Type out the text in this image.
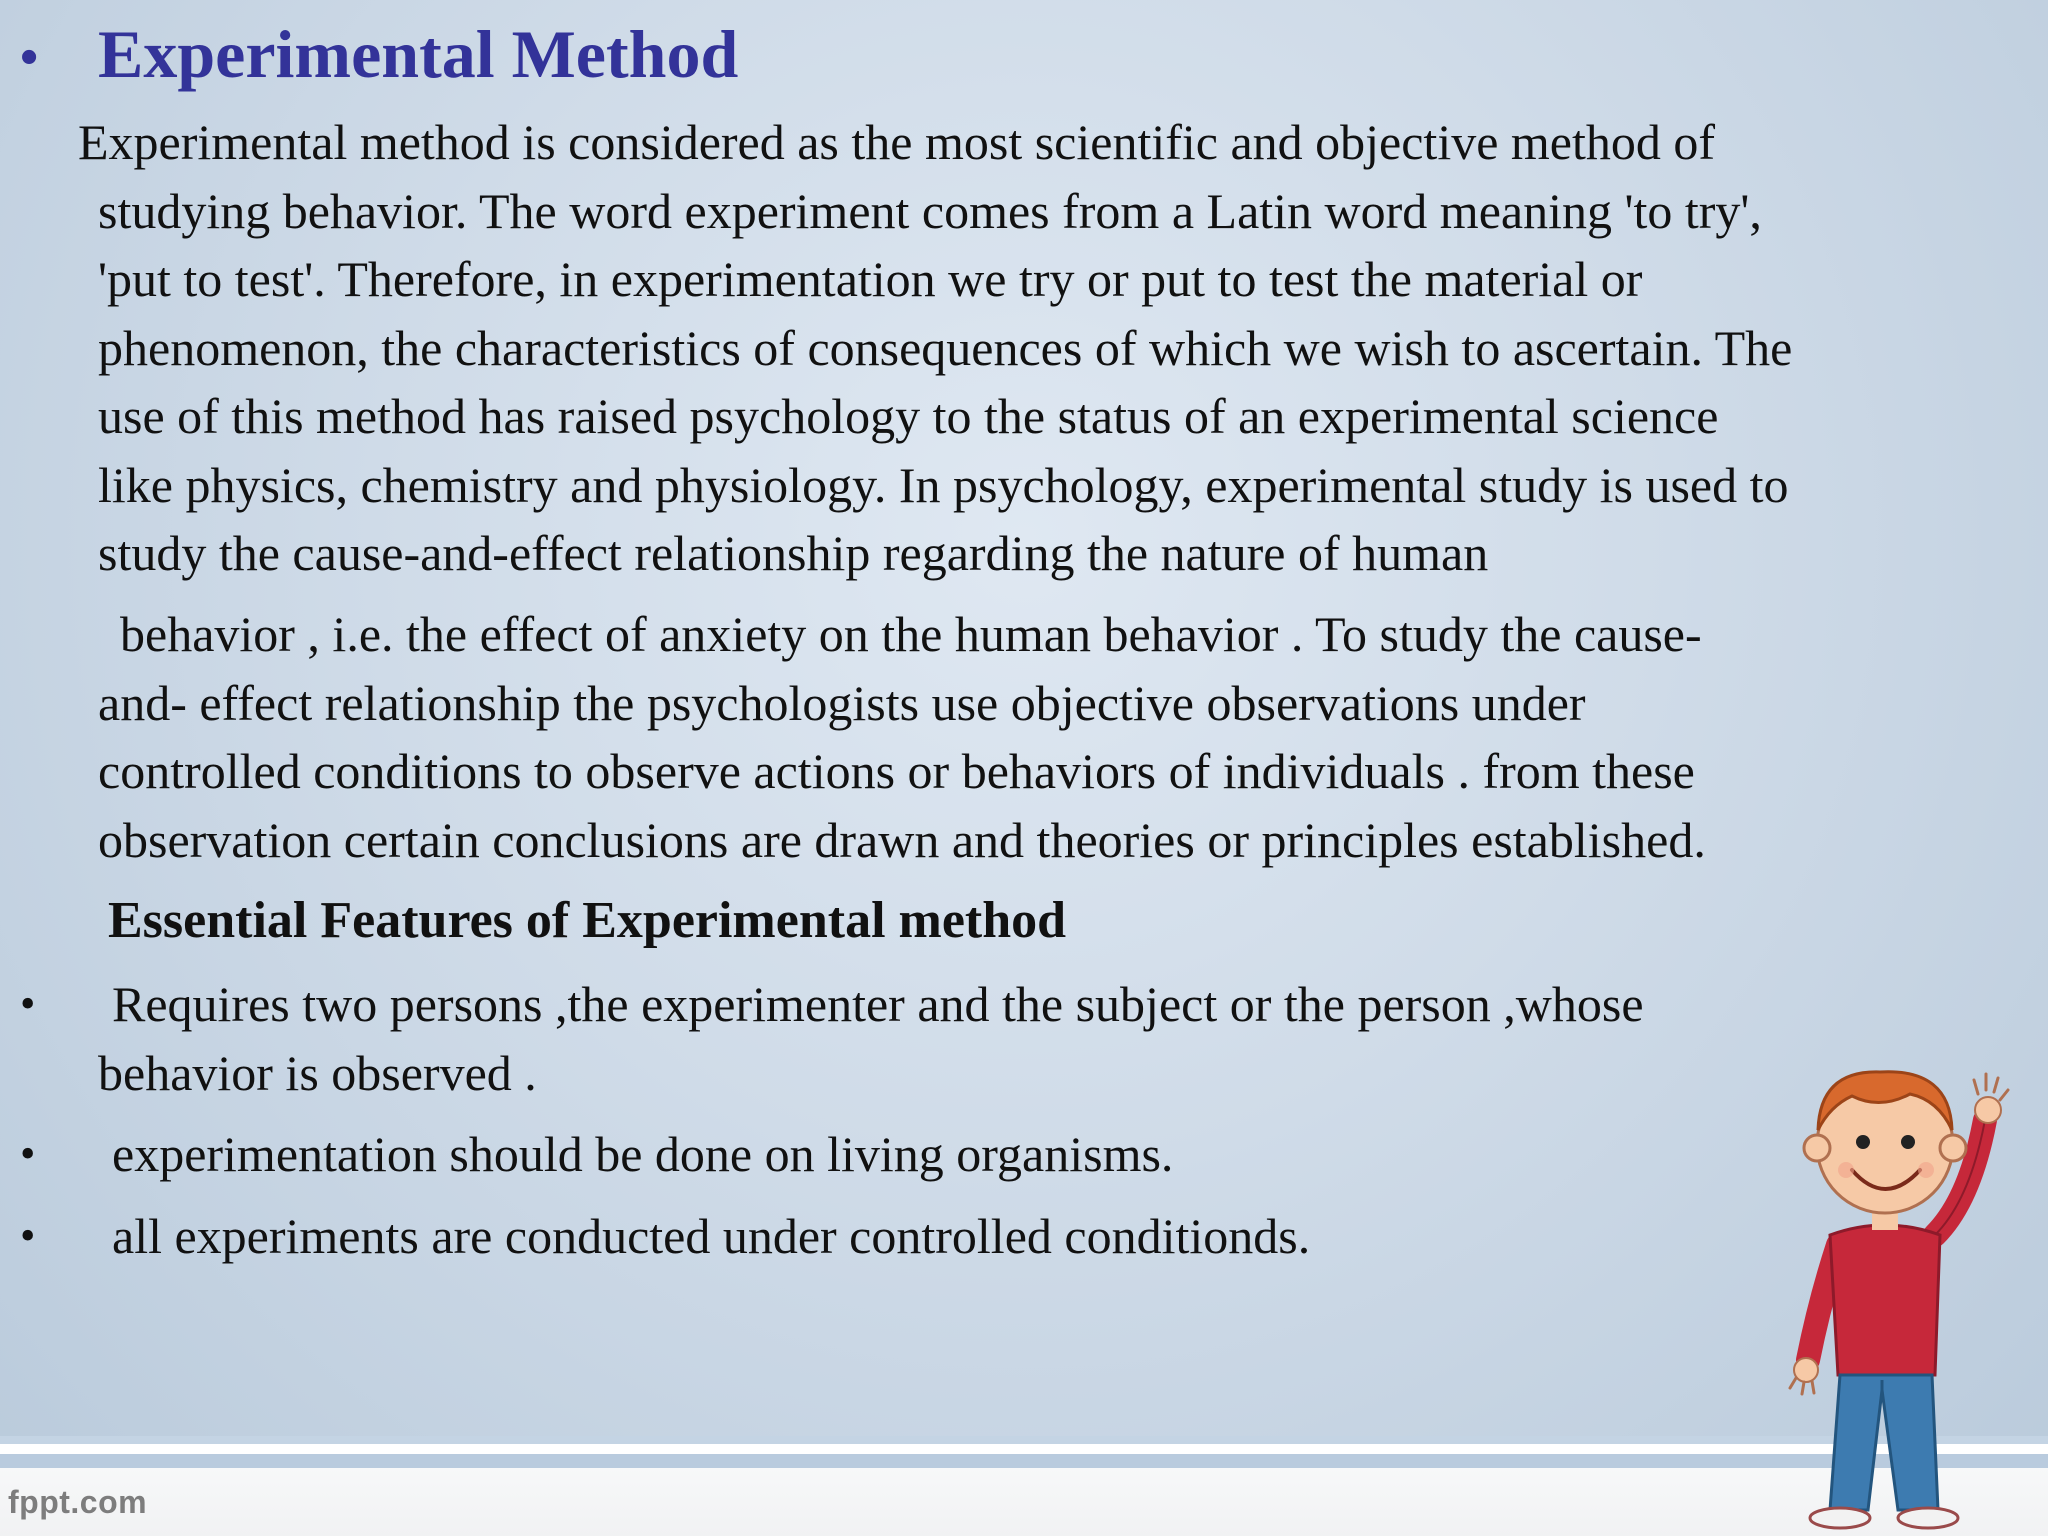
• Experimental Method
Experimental method is considered as the most scientific and objective method of
studying behavior. The word experiment comes from a Latin word meaning 'to try',
'put to test'. Therefore, in experimentation we try or put to test the material or
phenomenon, the characteristics of consequences of which we wish to ascertain. The
use of this method has raised psychology to the status of an experimental science
like physics, chemistry and physiology. In psychology, experimental study is used to
study the cause-and-effect relationship regarding the nature of human
behavior , i.e. the effect of anxiety on the human behavior . To study the cause-
and- effect relationship the psychologists use objective observations under
controlled conditions to observe actions or behaviors of individuals . from these
observation certain conclusions are drawn and theories or principles established.
Essential Features of Experimental method
•	Requires two persons ,the experimenter and the subject or the person ,whose
behavior is observed .
•	experimentation should be done on living organisms.
•	all experiments are conducted under controlled conditionds.
fppt.com
